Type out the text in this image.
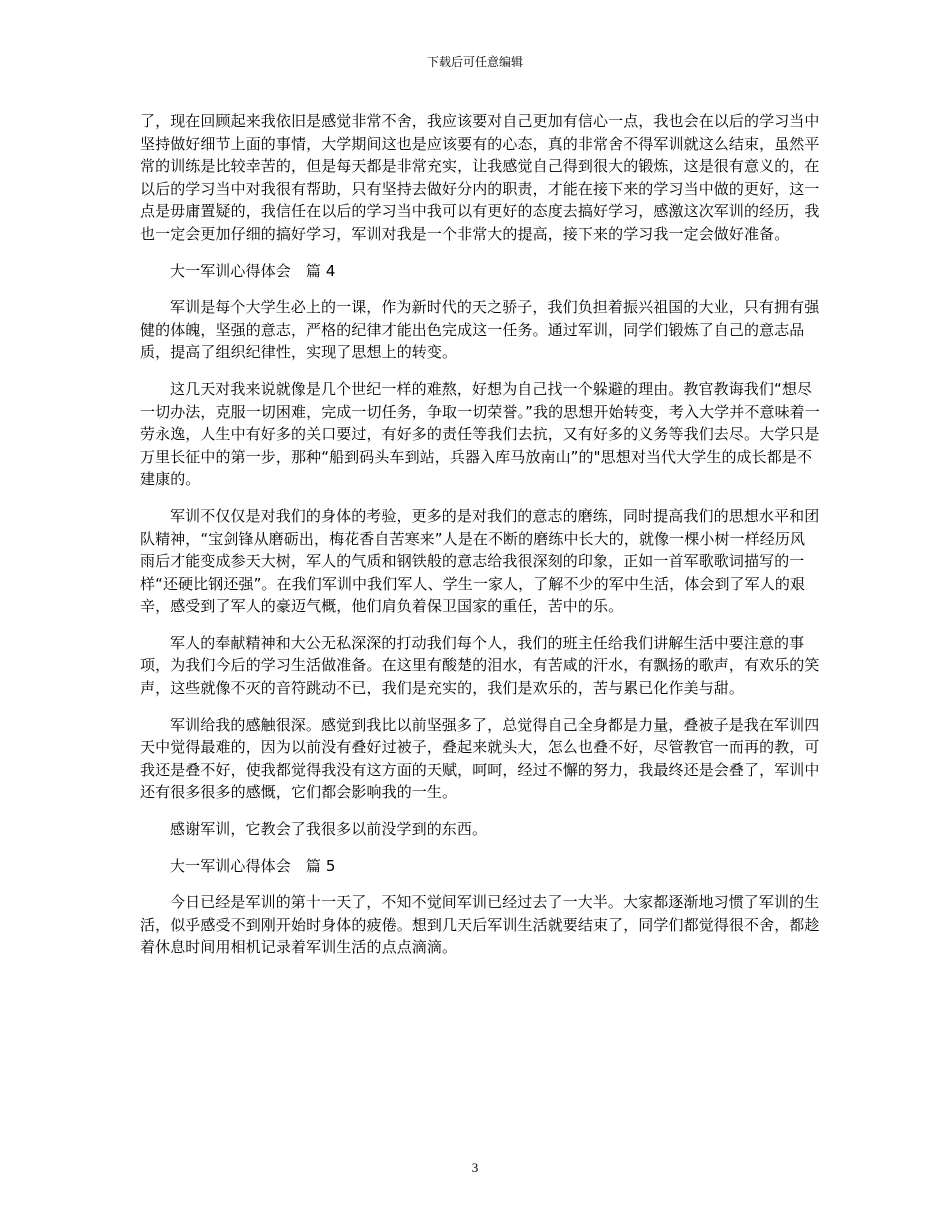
下载后可任意编辑

了，现在回顾起来我依旧是感觉非常不舍，我应该要对自己更加有信心一点，我也会在以后的学习当中坚持做好细节上面的事情，大学期间这也是应该要有的心态，真的非常舍不得军训就这么结束，虽然平常的训练是比较幸苦的，但是每天都是非常充实，让我感觉自己得到很大的锻炼，这是很有意义的，在以后的学习当中对我很有帮助，只有坚持去做好分内的职责，才能在接下来的学习当中做的更好，这一点是毋庸置疑的，我信任在以后的学习当中我可以有更好的态度去搞好学习，感激这次军训的经历，我也一定会更加仔细的搞好学习，军训对我是一个非常大的提高，接下来的学习我一定会做好准备。

大一军训心得体会　篇 4

军训是每个大学生必上的一课，作为新时代的天之骄子，我们负担着振兴祖国的大业，只有拥有强健的体魄，坚强的意志，严格的纪律才能出色完成这一任务。通过军训，同学们锻炼了自己的意志品质，提高了组织纪律性，实现了思想上的转变。

这几天对我来说就像是几个世纪一样的难熬，好想为自己找一个躲避的理由。教官教诲我们“想尽一切办法，克服一切困难，完成一切任务，争取一切荣誉。”我的思想开始转变，考入大学并不意味着一劳永逸，人生中有好多的关口要过，有好多的责任等我们去抗，又有好多的义务等我们去尽。大学只是万里长征中的第一步，那种“船到码头车到站，兵器入库马放南山”的"思想对当代大学生的成长都是不建康的。

军训不仅仅是对我们的身体的考验，更多的是对我们的意志的磨练，同时提高我们的思想水平和团队精神，“宝剑锋从磨砺出，梅花香自苦寒来”人是在不断的磨练中长大的，就像一棵小树一样经历风雨后才能变成参天大树，军人的气质和钢铁般的意志给我很深刻的印象，正如一首军歌歌词描写的一样“还硬比钢还强”。在我们军训中我们军人、学生一家人，了解不少的军中生活，体会到了军人的艰辛，感受到了军人的豪迈气概，他们肩负着保卫国家的重任，苦中的乐。

军人的奉献精神和大公无私深深的打动我们每个人，我们的班主任给我们讲解生活中要注意的事项，为我们今后的学习生活做准备。在这里有酸楚的泪水，有苦咸的汗水，有飘扬的歌声，有欢乐的笑声，这些就像不灭的音符跳动不已，我们是充实的，我们是欢乐的，苦与累已化作美与甜。

军训给我的感触很深。感觉到我比以前坚强多了，总觉得自己全身都是力量，叠被子是我在军训四天中觉得最难的，因为以前没有叠好过被子，叠起来就头大，怎么也叠不好，尽管教官一而再的教，可我还是叠不好，使我都觉得我没有这方面的天赋，呵呵，经过不懈的努力，我最终还是会叠了，军训中还有很多很多的感慨，它们都会影响我的一生。

感谢军训，它教会了我很多以前没学到的东西。

大一军训心得体会　篇 5

今日已经是军训的第十一天了，不知不觉间军训已经过去了一大半。大家都逐渐地习惯了军训的生活，似乎感受不到刚开始时身体的疲倦。想到几天后军训生活就要结束了，同学们都觉得很不舍，都趁着休息时间用相机记录着军训生活的点点滴滴。

3
